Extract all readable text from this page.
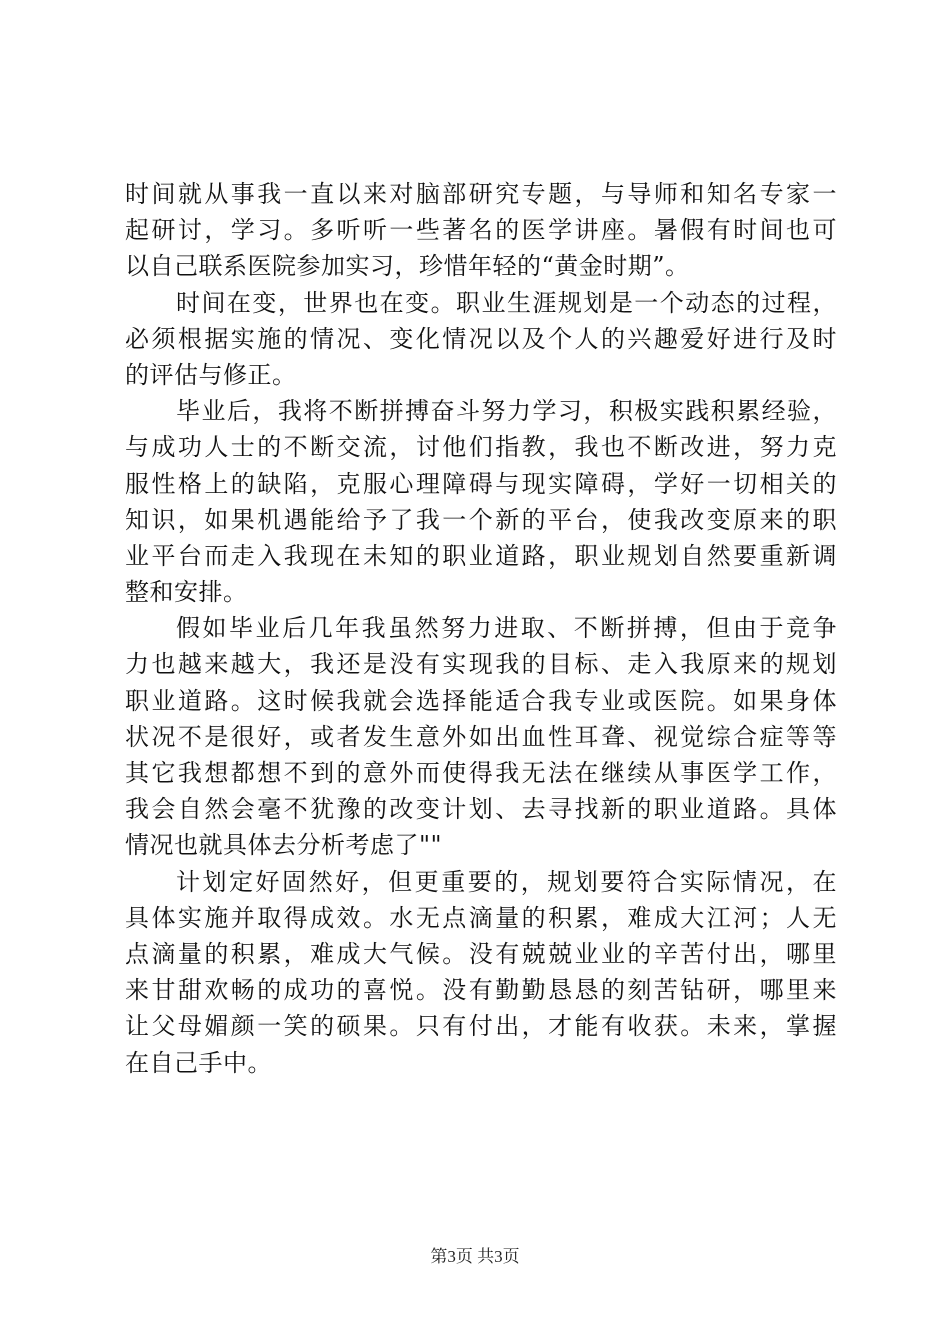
时间就从事我一直以来对脑部研究专题，与导师和知名专家一
起研讨，学习。多听听一些著名的医学讲座。暑假有时间也可
以自己联系医院参加实习，珍惜年轻的“黄金时期”。
时间在变，世界也在变。职业生涯规划是一个动态的过程，
必须根据实施的情况、变化情况以及个人的兴趣爱好进行及时
的评估与修正。
毕业后，我将不断拼搏奋斗努力学习，积极实践积累经验，
与成功人士的不断交流，讨他们指教，我也不断改进，努力克
服性格上的缺陷，克服心理障碍与现实障碍，学好一切相关的
知识，如果机遇能给予了我一个新的平台，使我改变原来的职
业平台而走入我现在未知的职业道路，职业规划自然要重新调
整和安排。
假如毕业后几年我虽然努力进取、不断拼搏，但由于竞争
力也越来越大，我还是没有实现我的目标、走入我原来的规划
职业道路。这时候我就会选择能适合我专业或医院。如果身体
状况不是很好，或者发生意外如出血性耳聋、视觉综合症等等
其它我想都想不到的意外而使得我无法在继续从事医学工作，
我会自然会毫不犹豫的改变计划、去寻找新的职业道路。具体
情况也就具体去分析考虑了""
计划定好固然好，但更重要的，规划要符合实际情况，在
具体实施并取得成效。水无点滴量的积累，难成大江河；人无
点滴量的积累，难成大气候。没有兢兢业业的辛苦付出，哪里
来甘甜欢畅的成功的喜悦。没有勤勤恳恳的刻苦钻研，哪里来
让父母媚颜一笑的硕果。只有付出，才能有收获。未来，掌握
在自己手中。
第3页 共3页
